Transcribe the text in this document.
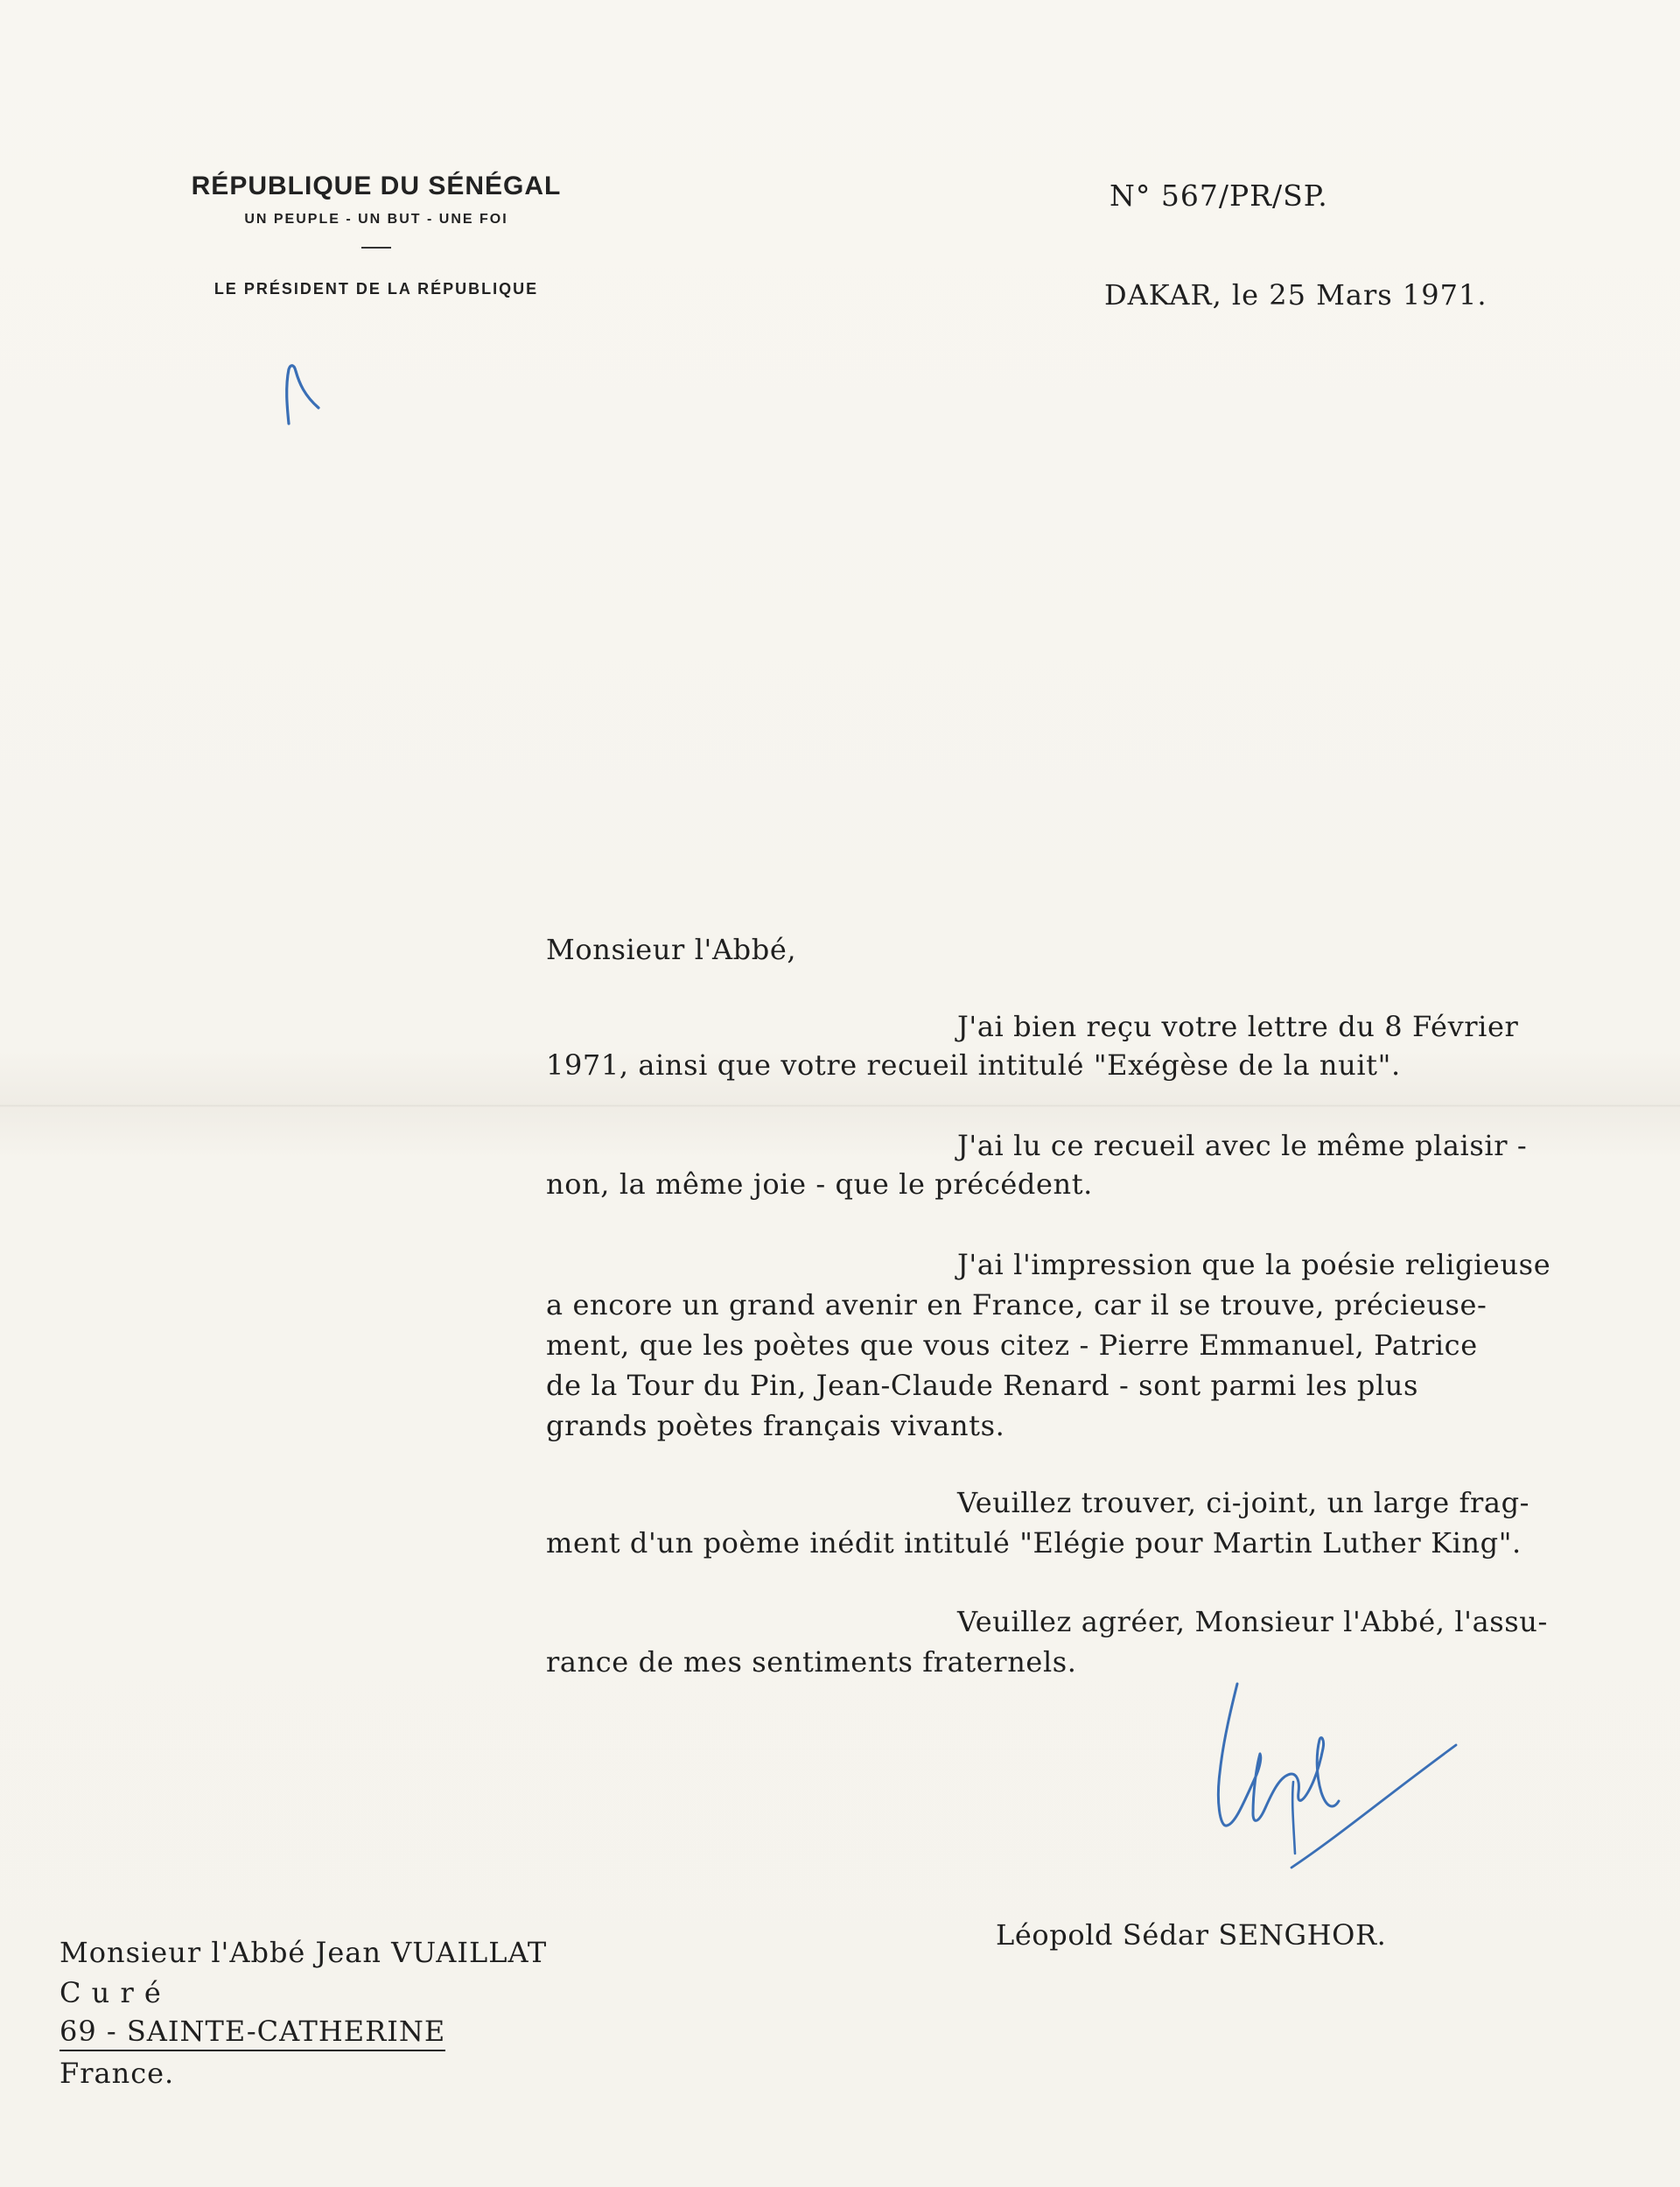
RÉPUBLIQUE DU SÉNÉGAL
UN PEUPLE - UN BUT - UNE FOI
LE PRÉSIDENT DE LA RÉPUBLIQUE
N° 567/PR/SP.
DAKAR, le 25 Mars 1971.
Monsieur l'Abbé,
J'ai bien reçu votre lettre du 8 Février
1971, ainsi que votre recueil intitulé "Exégèse de la nuit".
J'ai lu ce recueil avec le même plaisir -
non, la même joie - que le précédent.
J'ai l'impression que la poésie religieuse
a encore un grand avenir en France, car il se trouve, précieuse-
ment, que les poètes que vous citez - Pierre Emmanuel, Patrice
de la Tour du Pin, Jean-Claude Renard - sont parmi les plus
grands poètes français vivants.
Veuillez trouver, ci-joint, un large frag-
ment d'un poème inédit intitulé "Elégie pour Martin Luther King".
Veuillez agréer, Monsieur l'Abbé, l'assu-
rance de mes sentiments fraternels.
Léopold Sédar SENGHOR.
Monsieur l'Abbé Jean VUAILLAT
C u r é
69 - SAINTE-CATHERINE
France.
